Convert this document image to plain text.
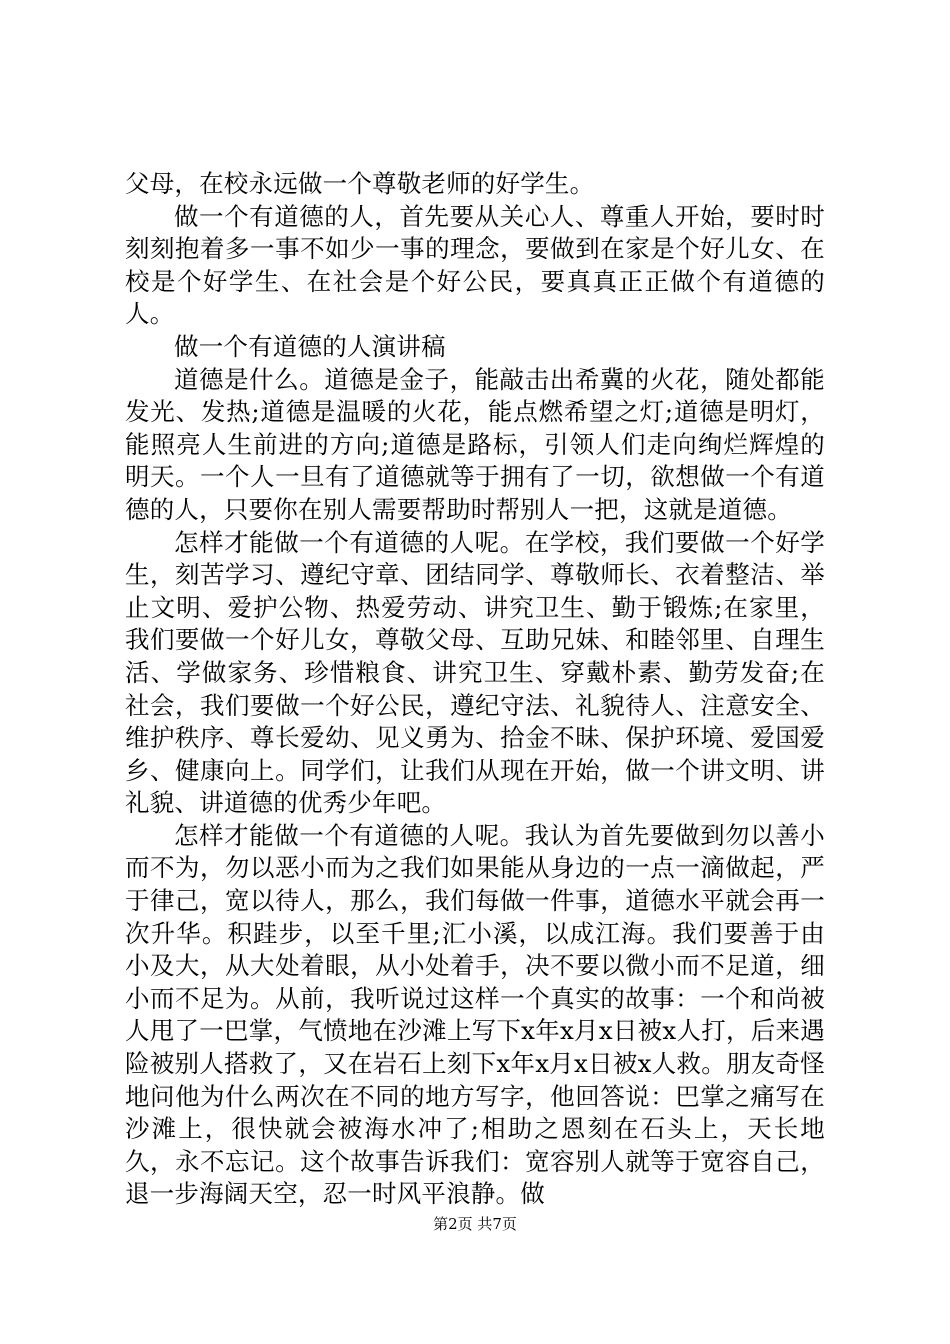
父母，在校永远做一个尊敬老师的好学生。

做一个有道德的人，首先要从关心人、尊重人开始，要时时刻刻抱着多一事不如少一事的理念，要做到在家是个好儿女、在校是个好学生、在社会是个好公民，要真真正正做个有道德的人。

做一个有道德的人演讲稿

道德是什么。道德是金子，能敲击出希冀的火花，随处都能发光、发热;道德是温暖的火花，能点燃希望之灯;道德是明灯，能照亮人生前进的方向;道德是路标，引领人们走向绚烂辉煌的明天。一个人一旦有了道德就等于拥有了一切，欲想做一个有道德的人，只要你在别人需要帮助时帮别人一把，这就是道德。

怎样才能做一个有道德的人呢。在学校，我们要做一个好学生，刻苦学习、遵纪守章、团结同学、尊敬师长、衣着整洁、举止文明、爱护公物、热爱劳动、讲究卫生、勤于锻炼;在家里，我们要做一个好儿女，尊敬父母、互助兄妹、和睦邻里、自理生活、学做家务、珍惜粮食、讲究卫生、穿戴朴素、勤劳发奋;在社会，我们要做一个好公民，遵纪守法、礼貌待人、注意安全、维护秩序、尊长爱幼、见义勇为、拾金不昧、保护环境、爱国爱乡、健康向上。同学们，让我们从现在开始，做一个讲文明、讲礼貌、讲道德的优秀少年吧。

怎样才能做一个有道德的人呢。我认为首先要做到勿以善小而不为，勿以恶小而为之我们如果能从身边的一点一滴做起，严于律己，宽以待人，那么，我们每做一件事，道德水平就会再一次升华。积跬步，以至千里;汇小溪，以成江海。我们要善于由小及大，从大处着眼，从小处着手，决不要以微小而不足道，细小而不足为。从前，我听说过这样一个真实的故事：一个和尚被人甩了一巴掌，气愤地在沙滩上写下x年x月x日被x人打，后来遇险被别人搭救了，又在岩石上刻下x年x月x日被x人救。朋友奇怪地问他为什么两次在不同的地方写字，他回答说：巴掌之痛写在沙滩上，很快就会被海水冲了;相助之恩刻在石头上，天长地久，永不忘记。这个故事告诉我们：宽容别人就等于宽容自己，退一步海阔天空，忍一时风平浪静。做

第2页 共7页
